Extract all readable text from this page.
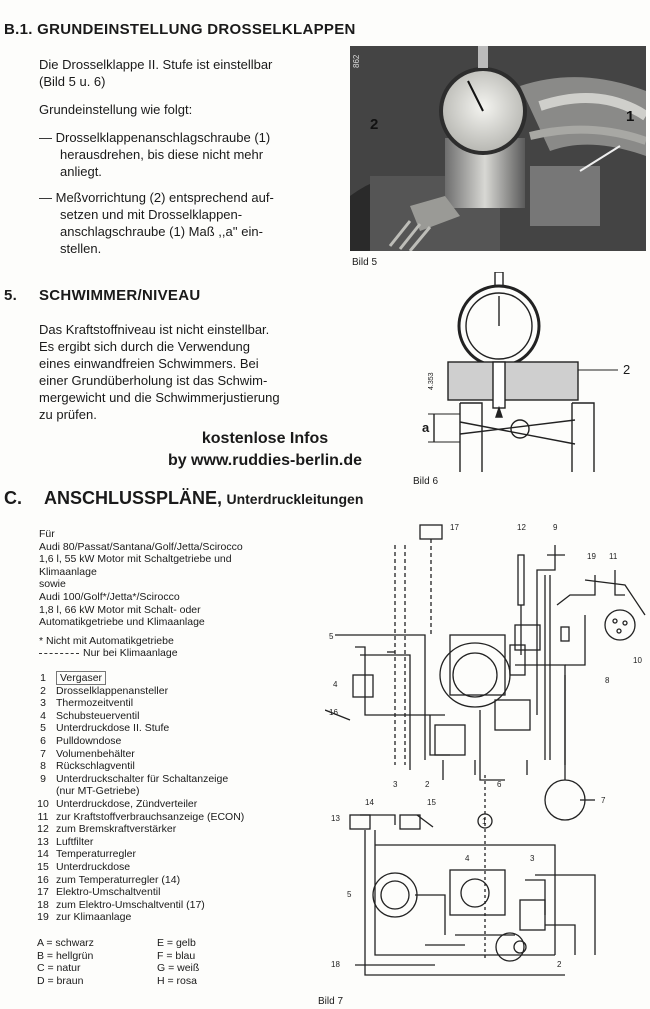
B.1. GRUNDEINSTELLUNG DROSSELKLAPPEN
Die Drosselklappe II. Stufe ist einstellbar
(Bild 5 u. 6)
Grundeinstellung wie folgt:
— Drosselklappenanschlagschraube (1)
herausdrehen, bis diese nicht mehr
anliegt.
— Meßvorrichtung (2) entsprechend auf-
setzen und mit Drosselklappen-
anschlagschraube (1) Maß ,,a'' ein-
stellen.
2	1
862
Bild 5
5. SCHWIMMER/NIVEAU
Das Kraftstoffniveau ist nicht einstellbar.
Es ergibt sich durch die Verwendung
eines einwandfreien Schwimmers. Bei
einer Grundüberholung ist das Schwim-
mergewicht und die Schwimmerjustierung
zu prüfen.
2
a
4.353
Bild 6
kostenlose Infos
by www.ruddies-berlin.de
C. ANSCHLUSSPLÄNE, Unterdruckleitungen
Für
Audi 80/Passat/Santana/Golf/Jetta/Scirocco
1,6 l, 55 kW Motor mit Schaltgetriebe und
Klimaanlage
sowie
Audi 100/Golf*/Jetta*/Scirocco
1,8 l, 66 kW Motor mit Schalt- oder
Automatikgetriebe und Klimaanlage
* Nicht mit Automatikgetriebe
Nur bei Klimaanlage
1	Vergaser
2 Drosselklappenansteller
3 Thermozeitventil
4 Schubsteuerventil
5 Unterdruckdose II. Stufe
6 Pulldowndose
7 Volumenbehälter
8 Rückschlagventil
9 Unterdruckschalter für Schaltanzeige
(nur MT-Getriebe)
10 Unterdruckdose, Zündverteiler
11 zur Kraftstoffverbrauchsanzeige (ECON)
12 zum Bremskraftverstärker
13 Luftfilter
14 Temperaturregler
15 Unterdruckdose
16 zum Temperaturregler (14)
17 Elektro-Umschaltventil
18 zum Elektro-Umschaltventil (17)
19 zur Klimaanlage
A = schwarz	E = gelb
B = hellgrün	F = blau
C = natur	G = weiß
D = braun	H = rosa
17	12	9
19 11
10
5
4
16
8
3	2	6
7
14	15
13	1
5
4	3
18	2
Bild 7
